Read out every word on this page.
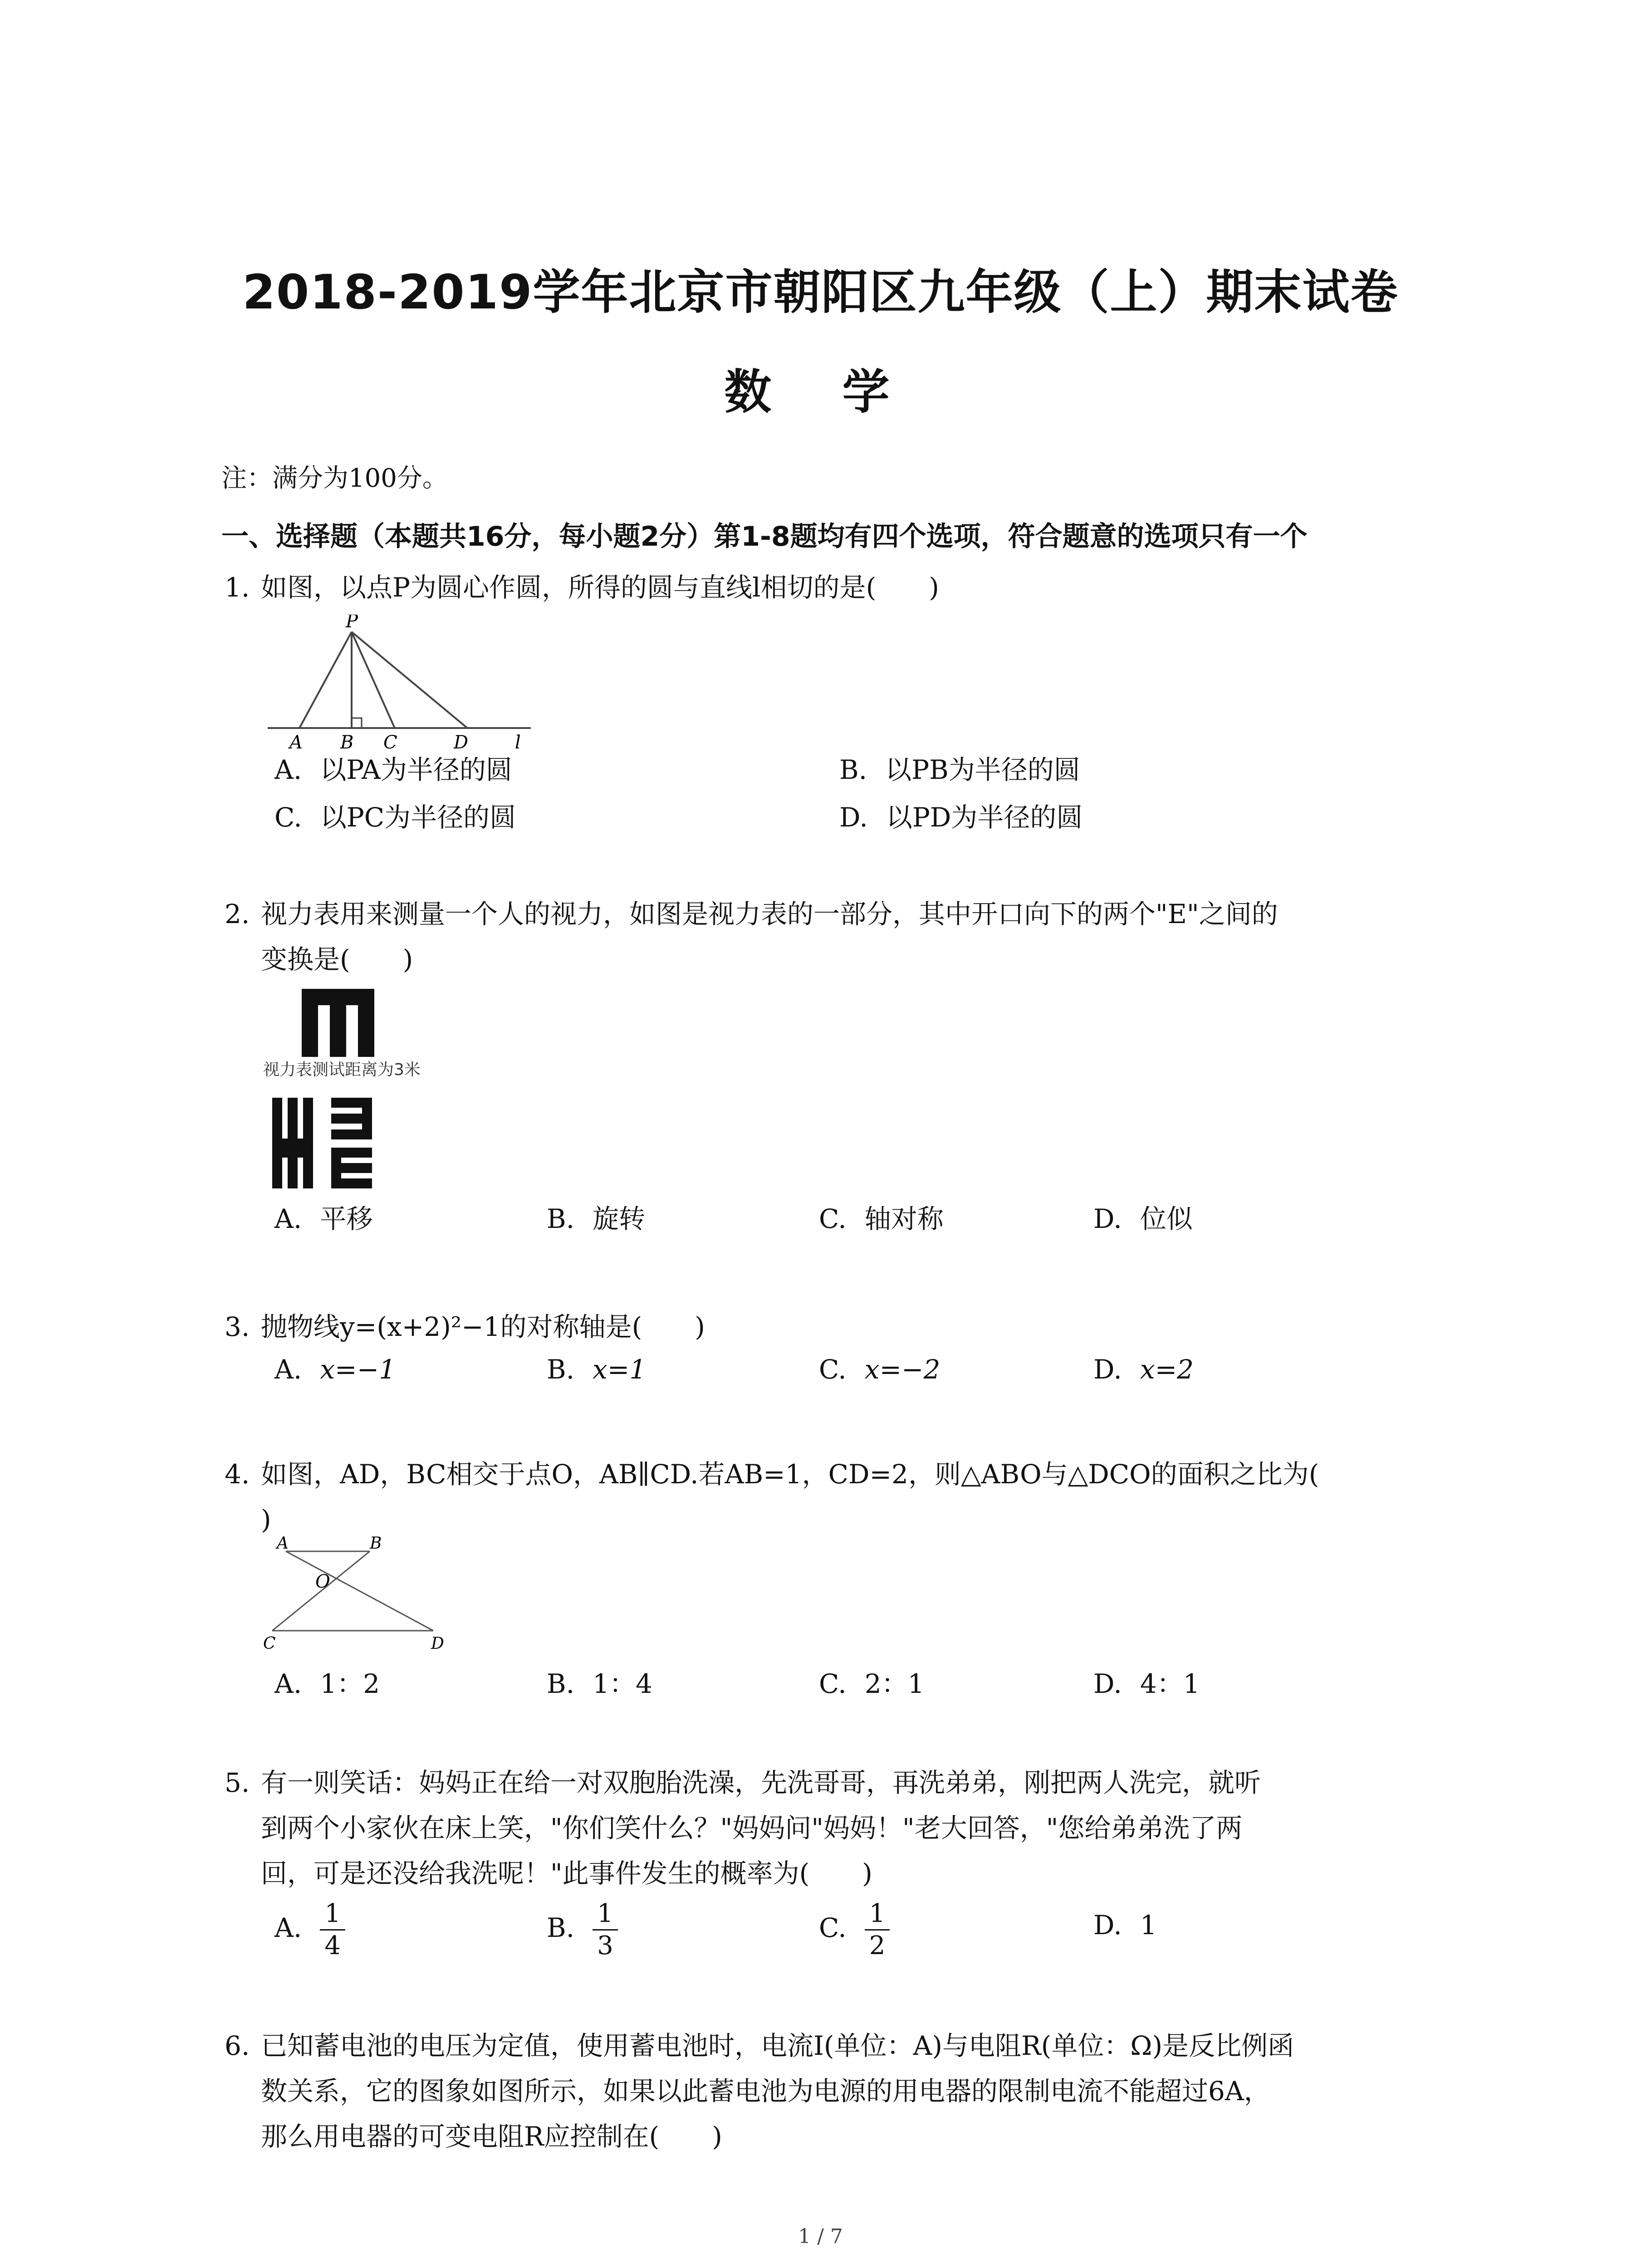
2018-2019学年北京市朝阳区九年级（上）期末试卷
数 学
注：满分为100分。
一、选择题（本题共16分，每小题2分）第1-8题均有四个选项，符合题意的选项只有一个
1. 如图，以点P为圆心作圆，所得的圆与直线l相切的是(　　)
P
A B C	D	l
A. 以PA为半径的圆	B. 以PB为半径的圆
C. 以PC为半径的圆	D. 以PD为半径的圆
2. 视力表用来测量一个人的视力，如图是视力表的一部分，其中开口向下的两个"E"之间的
变换是(　　)
视力表测试距离为3米
A. 平移	B. 旋转	C. 轴对称	D. 位似
3. 抛物线y=(x+2)²−1的对称轴是(　　)
A. x=−1	B. x=1	C. x=−2	D. x=2
4. 如图，AD，BC相交于点O，AB∥CD.若AB=1，CD=2，则△ABO与△DCO的面积之比为(
)
A	B
O
C	D
A. 1：2	B. 1：4	C. 2：1	D. 4：1
5. 有一则笑话：妈妈正在给一对双胞胎洗澡，先洗哥哥，再洗弟弟，刚把两人洗完，就听
到两个小家伙在床上笑，"你们笑什么？"妈妈问"妈妈！"老大回答，"您给弟弟洗了两
回，可是还没给我洗呢！"此事件发生的概率为(　　)
A. $\frac{1}{4}$	B. $\frac{1}{3}$	C. $\frac{1}{2}$	D. 1
6. 已知蓄电池的电压为定值，使用蓄电池时，电流I(单位：A)与电阻R(单位：Ω)是反比例函
数关系，它的图象如图所示，如果以此蓄电池为电源的用电器的限制电流不能超过6A，
那么用电器的可变电阻R应控制在(　　)
1 / 7
